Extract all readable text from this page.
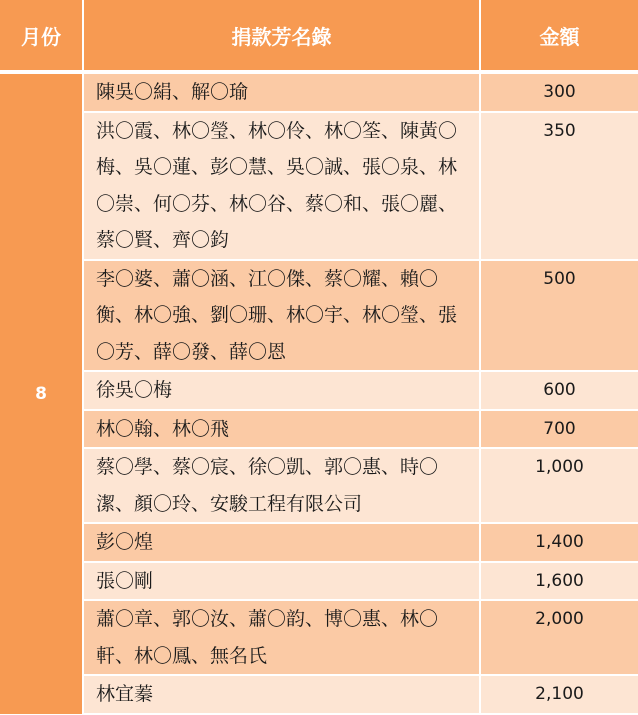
月份	捐款芳名錄	金額

8	陳吳〇絹、解〇瑜	300
	洪〇霞、林〇瑩、林〇伶、林〇筌、陳黃〇梅、吳〇蓮、彭〇慧、吳〇誠、張〇泉、林〇崇、何〇芬、林〇谷、蔡〇和、張〇麗、蔡〇賢、齊〇鈞	350
	李〇婆、蕭〇涵、江〇傑、蔡〇耀、賴〇衡、林〇強、劉〇珊、林〇宇、林〇瑩、張〇芳、薛〇發、薛〇恩	500
	徐吳〇梅	600
	林〇翰、林〇飛	700
	蔡〇學、蔡〇宸、徐〇凱、郭〇惠、時〇潔、顏〇玲、安駿工程有限公司	1,000
	彭〇煌	1,400
	張〇剛	1,600
	蕭〇章、郭〇汝、蕭〇韵、博〇惠、林〇軒、林〇鳳、無名氏	2,000
	林宜蓁	2,100
